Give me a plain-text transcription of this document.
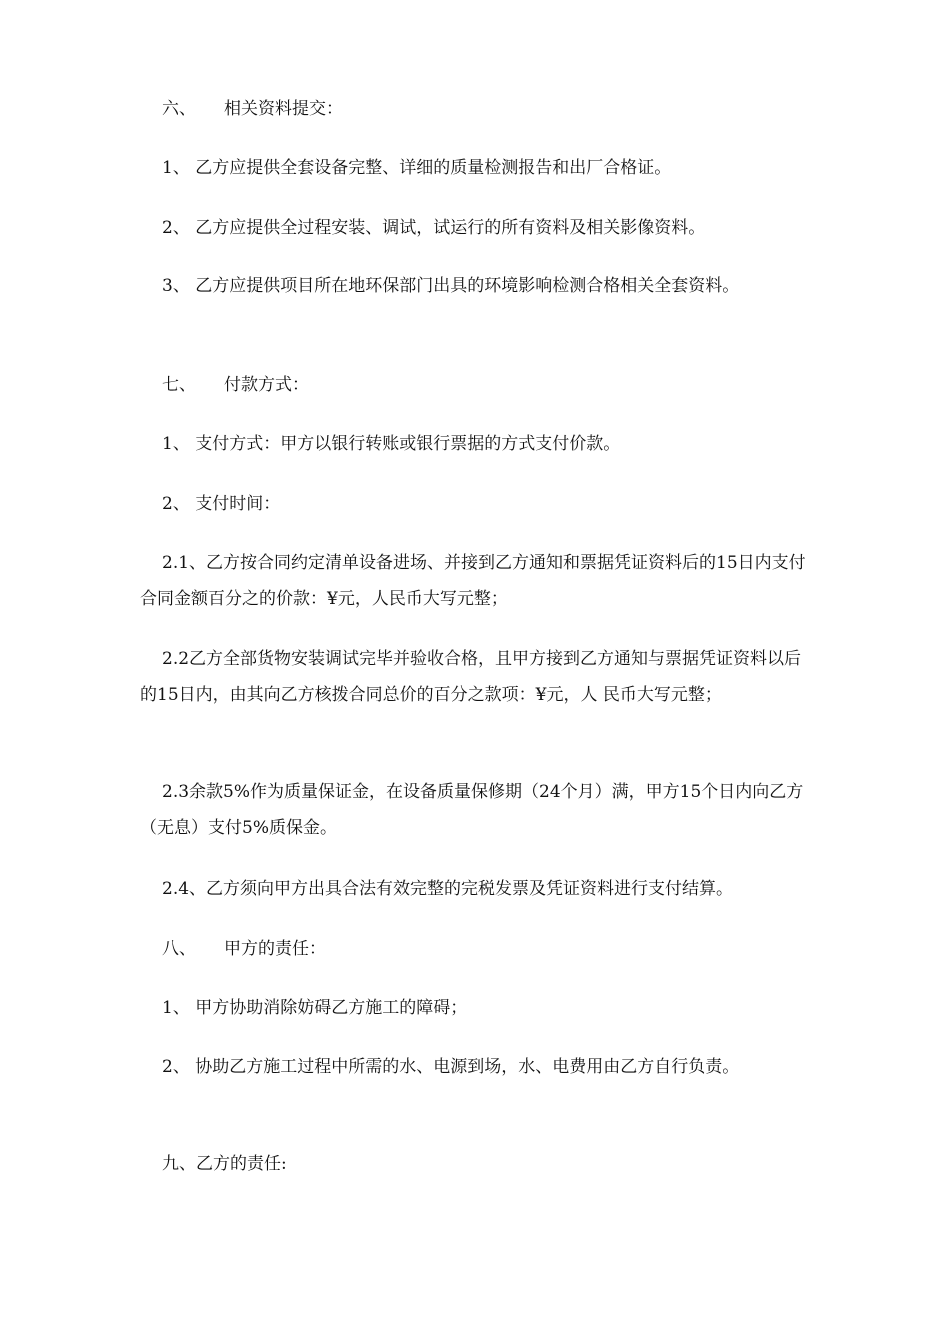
六、 相关资料提交：

1、 乙方应提供全套设备完整、详细的质量检测报告和出厂合格证。

2、 乙方应提供全过程安装、调试，试运行的所有资料及相关影像资料。

3、 乙方应提供项目所在地环保部门出具的环境影响检测合格相关全套资料。

七、 付款方式：

1、 支付方式：甲方以银行转账或银行票据的方式支付价款。

2、 支付时间：

2.1、乙方按合同约定清单设备进场、并接到乙方通知和票据凭证资料后的15日内支付合同金额百分之的价款：¥元，人民币大写元整；

2.2乙方全部货物安装调试完毕并验收合格，且甲方接到乙方通知与票据凭证资料以后的15日内，由其向乙方核拨合同总价的百分之款项：¥元，人 民币大写元整；

2.3余款5%作为质量保证金，在设备质量保修期（24个月）满，甲方15个日内向乙方（无息）支付5%质保金。

2.4、乙方须向甲方出具合法有效完整的完税发票及凭证资料进行支付结算。

八、 甲方的责任：

1、 甲方协助消除妨碍乙方施工的障碍；

2、 协助乙方施工过程中所需的水、电源到场，水、电费用由乙方自行负责。

九、乙方的责任:
